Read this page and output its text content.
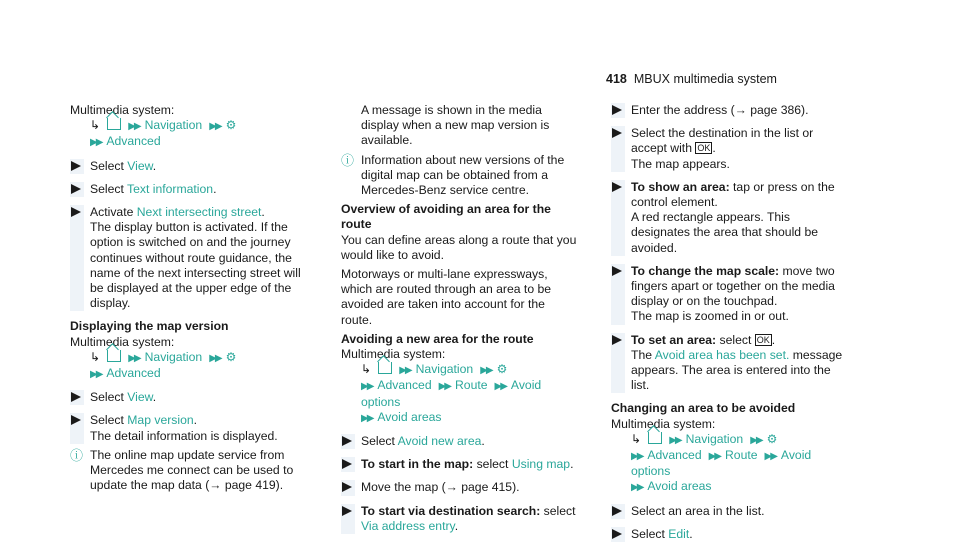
418 MBUX multimedia system

Multimedia system:

↳	▶▶ Navigation ▶▶ ⚙
▶▶ Advanced
Select View.
Select Text information.
Activate Next intersecting street.
The display button is activated. If the option is switched on and the journey continues without route guidance, the name of the next intersecting street will be displayed at the upper edge of the display.
Displaying the map version

Multimedia system:

↳	▶▶ Navigation ▶▶ ⚙
▶▶ Advanced
Select View.
Select Map version.
The detail information is displayed.
ⓘ The online map update service from Mercedes me connect can be used to update the map data (→ page 419).
A message is shown in the media display when a new map version is available.
ⓘ Information about new versions of the digital map can be obtained from a Mercedes-Benz service centre.
Overview of avoiding an area for the route

You can define areas along a route that you would like to avoid.

Motorways or multi-lane expressways, which are routed through an area to be avoided are taken into account for the route.

Avoiding a new area for the route

Multimedia system:

↳	▶▶ Navigation ▶▶ ⚙
▶▶ Advanced ▶▶ Route ▶▶ Avoid options
▶▶ Avoid areas
Select Avoid new area.
To start in the map: select Using map.
Move the map (→ page 415).
To start via destination search: select Via address entry.
Enter the address (→ page 386).
Select the destination in the list or accept with OK .
The map appears.
To show an area: tap or press on the control element.
A red rectangle appears. This designates the area that should be avoided.
To change the map scale: move two fingers apart or together on the media display or on the touchpad.
The map is zoomed in or out.
To set an area: select OK .
The Avoid area has been set. message appears. The area is entered into the list.
Changing an area to be avoided

Multimedia system:

↳	▶▶ Navigation ▶▶ ⚙
▶▶ Advanced ▶▶ Route ▶▶ Avoid options
▶▶ Avoid areas
Select an area in the list.
Select Edit.
